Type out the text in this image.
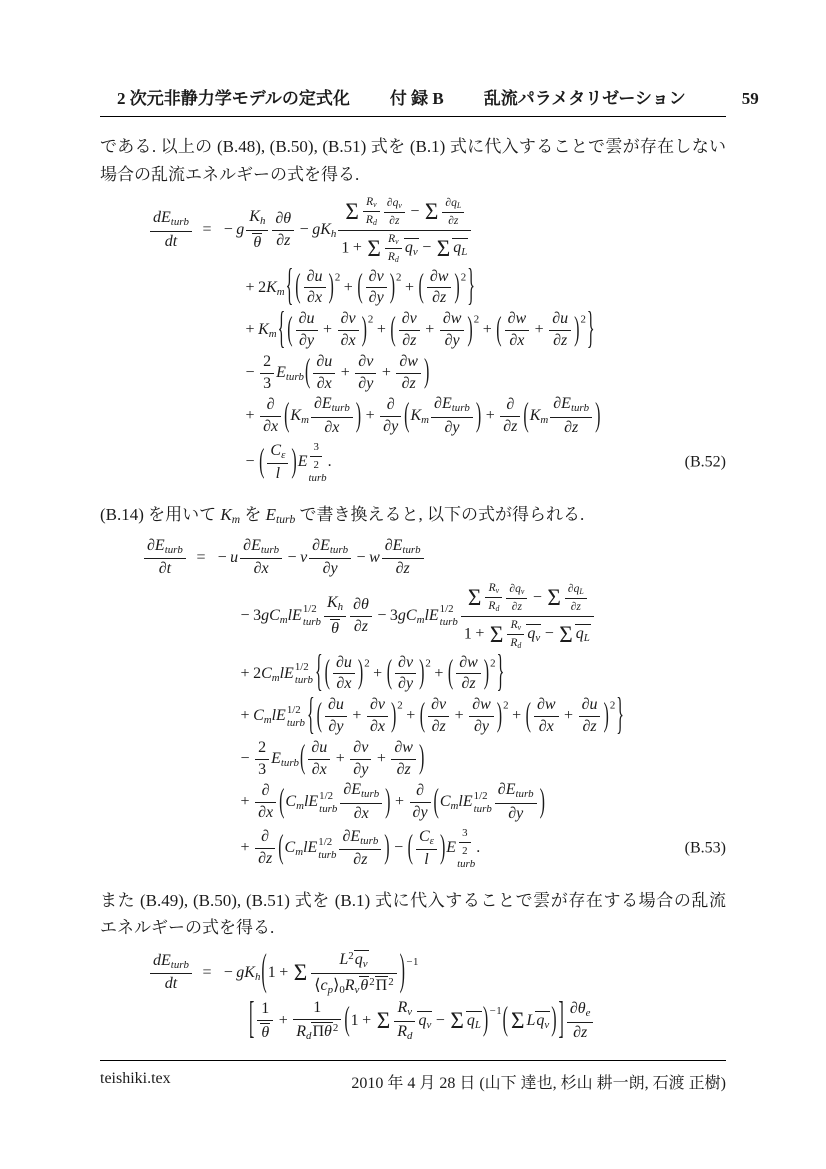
2 次元非静力学モデルの定式化 付 録 B 乱流パラメタリゼーション	59

である. 以上の (B.48), (B.50), (B.51) 式を (B.1) 式に代入することで雲が存在しない場合の乱流エネルギーの式を得る.

$\frac{\text{dEturb}}{dt}$ = − g $\frac{Kh}{\theta} \frac{\partial\theta}{\partial z}$ − gKh $\frac{\Sigma \frac{Rv}{Rd} \frac{\partial qv}{\partial z} - \Sigma \frac{\partial qL}{\partial z}}{1 + \Sigma \frac{Rv}{Rd} qv - \Sigma qL}$
+ 2Km{ ( $\frac{\partial u}{\partial x} )^2+$ ( $\frac{\partial v}{\partial y} )^2+$ ( $\frac{\partial w}{\partial z} )^2$}
+ Km{ ( $\frac{\partial u}{\partial y} + \frac{\partial v}{\partial x} )^2+$ ( $\frac{\partial v}{\partial z} + \frac{\partial w}{\partial y} )^2+$ ( $\frac{\partial w}{\partial x} + \frac{\partial u}{\partial z} )^2$}
− $\frac{2}{3}$ Eturb( $\frac{\partial u}{\partial x} + \frac{\partial v}{\partial y} + \frac{\partial w}{\partial z}$ )
+ $\frac{\partial}{\partial x} (Km \frac{\text{∂Eturb}}{\partial x}$ ) + $\frac{\partial}{\partial y} (Km \frac{\text{∂Eturb}}{\partial y}$ ) + $\frac{\partial}{\partial z} (Km \frac{\text{∂Eturb}}{\partial z}$ )
− ( $\frac{C\varepsilon}{l} )E \frac{3}{2}$
turb
.	(B.52)

(B.14) を用いて Km を Eturb で書き換えると, 以下の式が得られる.

$\frac{\text{∂Eturb}}{\partial t}$ = − u $\frac{\text{∂Eturb}}{\partial x} - v \frac{\text{∂Eturb}}{\partial y} - w \frac{\text{∂Eturb}}{\partial z}$
− 3gCmlE 1/2
turb $\frac{Kh}{\theta} \frac{\partial\theta}{\partial z}$ − 3gCmlE 1/2
turb $\frac{\Sigma \frac{Rv}{Rd} \frac{\partial qv}{\partial z} - \Sigma \frac{\partial qL}{\partial z}}{1 + \Sigma \frac{Rv}{Rd} qv - \Sigma qL}$
+ 2CmlE 1/2
turb { ( $\frac{\partial u}{\partial x} )^2+$ ( $\frac{\partial v}{\partial y} )^2+$ ( $\frac{\partial w}{\partial z} )^2$}
+ CmlE 1/2
turb { ( $\frac{\partial u}{\partial y} + \frac{\partial v}{\partial x} )^2+$ ( $\frac{\partial v}{\partial z} + \frac{\partial w}{\partial y} )^2+$ ( $\frac{\partial w}{\partial x} + \frac{\partial u}{\partial z} )^2$}
− $\frac{2}{3}$ Eturb( $\frac{\partial u}{\partial x} + \frac{\partial v}{\partial y} + \frac{\partial w}{\partial z}$ )
+ $\frac{\partial}{\partial x}$ (CmlE 1/2
turb $\frac{\text{∂Eturb}}{\partial x}$ ) + $\frac{\partial}{\partial y}$ (CmlE 1/2
turb $\frac{\text{∂Eturb}}{\partial y}$ )
+ $\frac{\partial}{\partial z}$ (CmlE 1/2
turb $\frac{\text{∂Eturb}}{\partial z}$ ) − ( $\frac{C\varepsilon}{l} )E \frac{3}{2}$
turb
.	(B.53)

また (B.49), (B.50), (B.51) 式を (B.1) 式に代入することで雲が存在する場合の乱流エネルギーの式を得る.

$\frac{\text{dEturb}}{dt}$ = − gKh(1 + Σ $\frac{L^2qv}{⟨cp⟩0Rv\theta^2\Pi^2} )^{-1}$
[ $\frac{1}{\theta} + \frac{1}{Rd\Pi\theta^2} (1 + \Sigma \frac{Rv}{Rd}$ qv − Σ qL )$^{-1}$( Σ Lqv ) ] $\frac{\partial\theta e}{\partial z}$
teishiki.tex	2010 年 4 月 28 日 (山下 達也, 杉山 耕一朗, 石渡 正樹)
